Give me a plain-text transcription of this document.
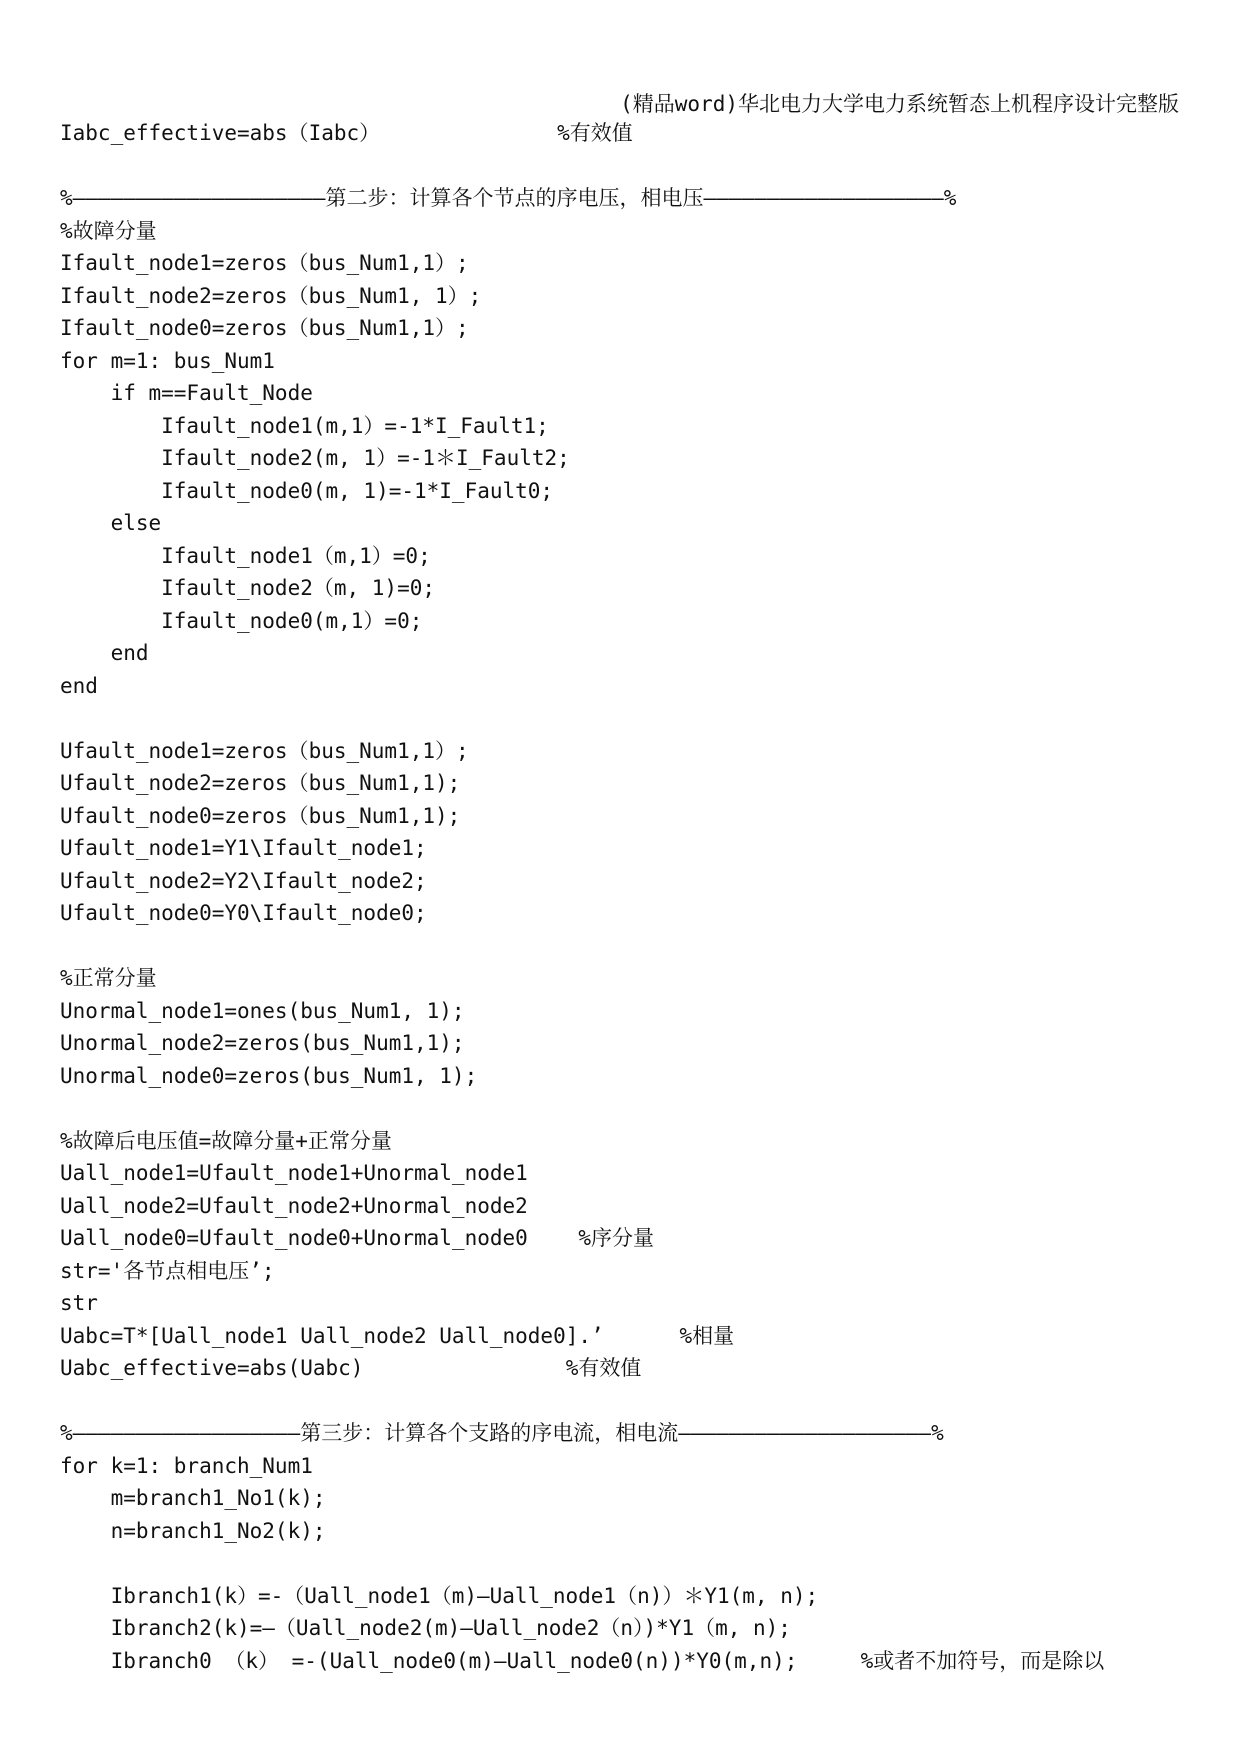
(精品word)华北电力大学电力系统暂态上机程序设计完整版
Iabc_effective=abs（Iabc）              %有效值
%————————————————————第二步：计算各个节点的序电压，相电压———————————————————%
%故障分量
Ifault_node1=zeros（bus_Num1,1）;
Ifault_node2=zeros（bus_Num1, 1）;
Ifault_node0=zeros（bus_Num1,1）;
for m=1: bus_Num1
if m==Fault_Node
Ifault_node1(m,1）=-1*I_Fault1;
Ifault_node2(m, 1）=-1＊I_Fault2;
Ifault_node0(m, 1)=-1*I_Fault0;
else
Ifault_node1（m,1）=0;
Ifault_node2（m, 1)=0;
Ifault_node0(m,1）=0;
end
end
Ufault_node1=zeros（bus_Num1,1）;
Ufault_node2=zeros（bus_Num1,1);
Ufault_node0=zeros（bus_Num1,1);
Ufault_node1=Y1\Ifault_node1;
Ufault_node2=Y2\Ifault_node2;
Ufault_node0=Y0\Ifault_node0;
%正常分量
Unormal_node1=ones(bus_Num1, 1);
Unormal_node2=zeros(bus_Num1,1);
Unormal_node0=zeros(bus_Num1, 1);
%故障后电压值=故障分量+正常分量
Uall_node1=Ufault_node1+Unormal_node1
Uall_node2=Ufault_node2+Unormal_node2
Uall_node0=Ufault_node0+Unormal_node0    %序分量
str='各节点相电压’;
str
Uabc=T*[Uall_node1 Uall_node2 Uall_node0].’      %相量
Uabc_effective=abs(Uabc)                %有效值
%——————————————————第三步：计算各个支路的序电流，相电流————————————————————%
for k=1: branch_Num1
m=branch1_No1(k);
n=branch1_No2(k);
Ibranch1(k）=-（Uall_node1（m)—Uall_node1（n)）＊Y1(m, n);
Ibranch2(k)=—（Uall_node2(m)—Uall_node2（n）)*Y1（m, n);
Ibranch0 （k） =-(Uall_node0(m)—Uall_node0(n))*Y0(m,n);     %或者不加符号，而是除以
